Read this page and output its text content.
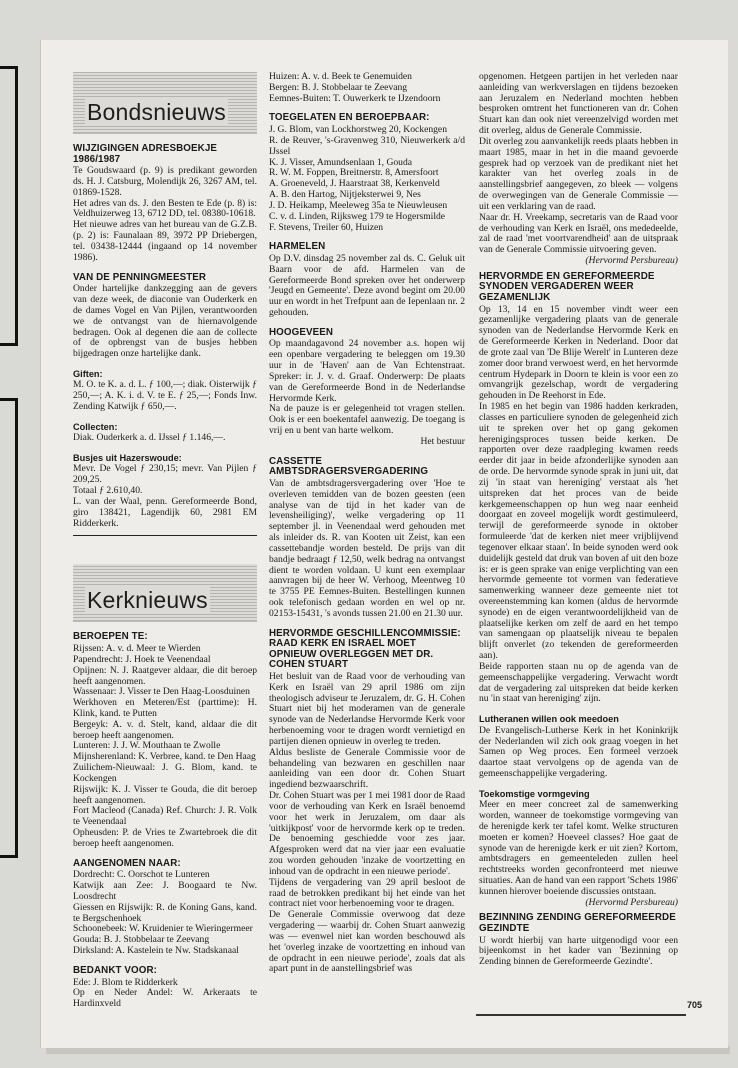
Bondsnieuws
WIJZIGINGEN ADRESBOEKJE 1986/1987

Te Goudswaard (p. 9) is predikant geworden ds. H. J. Catsburg, Molendijk 26, 3267 AM, tel. 01869-1528.

Het adres van ds. J. den Besten te Ede (p. 8) is: Veldhuizerweg 13, 6712 DD, tel. 08380-10618.

Het nieuwe adres van het bureau van de G.Z.B. (p. 2) is: Faunalaan 89, 3972 PP Driebergen, tel. 03438-12444 (ingaand op 14 november 1986).

VAN DE PENNINGMEESTER

Onder hartelijke dankzegging aan de gevers van deze week, de diaconie van Ouderkerk en de dames Vogel en Van Pijlen, verantwoorden we de ontvangst van de hiernavolgende bedragen. Ook al degenen die aan de collecte of de opbrengst van de busjes hebben bijgedragen onze hartelijke dank.

Giften:

M. O. te K. a. d. L. ƒ 100,—; diak. Oisterwijk ƒ 250,—; A. K. i. d. V. te E. ƒ 25,—; Fonds Inw. Zending Katwijk ƒ 650,—.

Collecten:

Diak. Ouderkerk a. d. IJssel ƒ 1.146,—.

Busjes uit Hazerswoude:

Mevr. De Vogel ƒ 230,15; mevr. Van Pijlen ƒ 209,25.

Totaal ƒ 2.610,40.

L. van der Waal, penn. Gereformeerde Bond, giro 138421, Lagendijk 60, 2981 EM Ridderkerk.

Kerknieuws
BEROEPEN TE:

Rijssen: A. v. d. Meer te Wierden

Papendrecht: J. Hoek te Veenendaal

Opijnen: N. J. Raatgever aldaar, die dit beroep heeft aangenomen.

Wassenaar: J. Visser te Den Haag-Loosduinen

Werkhoven en Meteren/Est (parttime): H. Klink, kand. te Putten

Bergeyk: A. v. d. Stelt, kand, aldaar die dit beroep heeft aangenomen.

Lunteren: J. J. W. Mouthaan te Zwolle

Mijnsherenland: K. Verbree, kand. te Den Haag

Zuilichem-Nieuwaal: J. G. Blom, kand. te Kockengen

Rijswijk: K. J. Visser te Gouda, die dit beroep heeft aangenomen.

Fort Macleod (Canada) Ref. Church: J. R. Volk te Veenendaal

Opheusden: P. de Vries te Zwartebroek die dit beroep heeft aangenomen.

AANGENOMEN NAAR:

Dordrecht: C. Oorschot te Lunteren

Katwijk aan Zee: J. Boogaard te Nw. Loosdrecht

Giessen en Rijswijk: R. de Koning Gans, kand. te Bergschenhoek

Schoonebeek: W. Kruidenier te Wieringermeer

Gouda: B. J. Stobbelaar te Zeevang

Dirksland: A. Kastelein te Nw. Stadskanaal

BEDANKT VOOR:

Ede: J. Blom te Ridderkerk

Op en Neder Andel: W. Arkeraats te Hardinxveld

Huizen: A. v. d. Beek te Genemuiden

Bergen: B. J. Stobbelaar te Zeevang

Eemnes-Buiten: T. Ouwerkerk te IJzendoorn

TOEGELATEN EN BEROEPBAAR:

J. G. Blom, van Lockhorstweg 20, Kockengen

R. de Reuver, 's-Gravenweg 310, Nieuwerkerk a/d IJssel

K. J. Visser, Amundsenlaan 1, Gouda

R. W. M. Foppen, Breitnerstr. 8, Amersfoort

A. Groeneveld, J. Haarstraat 38, Kerkenveld

A. B. den Hartog, Nijtjeksterwei 9, Nes

J. D. Heikamp, Meeleweg 35a te Nieuwleusen

C. v. d. Linden, Rijksweg 179 te Hogersmilde

F. Stevens, Treiler 60, Huizen

HARMELEN

Op D.V. dinsdag 25 november zal ds. C. Geluk uit Baarn voor de afd. Harmelen van de Gereformeerde Bond spreken over het onderwerp 'Jeugd en Gemeente'. Deze avond begint om 20.00 uur en wordt in het Trefpunt aan de Iepenlaan nr. 2 gehouden.

HOOGEVEEN

Op maandagavond 24 november a.s. hopen wij een openbare vergadering te beleggen om 19.30 uur in de 'Haven' aan de Van Echtenstraat. Spreker: ir. J. v. d. Graaf. Onderwerp: De plaats van de Gereformeerde Bond in de Nederlandse Hervormde Kerk.

Na de pauze is er gelegenheid tot vragen stellen. Ook is er een boekentafel aanwezig. De toegang is vrij en u bent van harte welkom.

Het bestuur

CASSETTE AMBTSDRAGERSVERGADERING

Van de ambtsdragersvergadering over 'Hoe te overleven temidden van de bozen geesten (een analyse van de tijd in het kader van de levensheiliging)', welke vergadering op 11 september jl. in Veenendaal werd gehouden met als inleider ds. R. van Kooten uit Zeist, kan een cassettebandje worden besteld. De prijs van dit bandje bedraagt ƒ 12,50, welk bedrag na ontvangst dient te worden voldaan. U kunt een exemplaar aanvragen bij de heer W. Verhoog, Meentweg 10 te 3755 PE Eemnes-Buiten. Bestellingen kunnen ook telefonisch gedaan worden en wel op nr. 02153-15431, 's avonds tussen 21.00 en 21.30 uur.

HERVORMDE GESCHILLENCOMMISSIE: RAAD KERK EN ISRAEL MOET OPNIEUW OVERLEGGEN MET DR. COHEN STUART

Het besluit van de Raad voor de verhouding van Kerk en Israël van 29 april 1986 om zijn theologisch adviseur te Jeruzalem, dr. G. H. Cohen Stuart niet bij het moderamen van de generale synode van de Nederlandse Hervormde Kerk voor herbenoeming voor te dragen wordt vernietigd en partijen dienen opnieuw in overleg te treden.

Aldus besliste de Generale Commissie voor de behandeling van bezwaren en geschillen naar aanleiding van een door dr. Cohen Stuart ingediend bezwaarschrift.

Dr. Cohen Stuart was per 1 mei 1981 door de Raad voor de verhouding van Kerk en Israël benoemd voor het werk in Jeruzalem, om daar als 'uitkijkpost' voor de hervormde kerk op te treden. De benoeming geschiedde voor zes jaar. Afgesproken werd dat na vier jaar een evaluatie zou worden gehouden 'inzake de voortzetting en inhoud van de opdracht in een nieuwe periode'.

Tijdens de vergadering van 29 april besloot de raad de betrokken predikant bij het einde van het contract niet voor herbenoeming voor te dragen.

De Generale Commissie overwoog dat deze vergadering — waarbij dr. Cohen Stuart aanwezig was — evenwel niet kan worden beschouwd als het 'overleg inzake de voortzetting en inhoud van de opdracht in een nieuwe periode', zoals dat als apart punt in de aanstellingsbrief was

opgenomen. Hetgeen partijen in het verleden naar aanleiding van werkverslagen en tijdens bezoeken aan Jeruzalem en Nederland mochten hebben besproken omtrent het functioneren van dr. Cohen Stuart kan dan ook niet vereenzelvigd worden met dit overleg, aldus de Generale Commissie.

Dit overleg zou aanvankelijk reeds plaats hebben in maart 1985, maar in het in die maand gevoerde gesprek had op verzoek van de predikant niet het karakter van het overleg zoals in de aanstellingsbrief aangegeven, zo bleek — volgens de overwegingen van de Generale Commissie — uit een verklaring van de raad.

Naar dr. H. Vreekamp, secretaris van de Raad voor de verhouding van Kerk en Israël, ons mededeelde, zal de raad 'met voortvarendheid' aan de uitspraak van de Generale Commissie uitvoering geven.

(Hervormd Persbureau)

HERVORMDE EN GEREFORMEERDE SYNODEN VERGADEREN WEER GEZAMENLIJK

Op 13, 14 en 15 november vindt weer een gezamenlijke vergadering plaats van de generale synoden van de Nederlandse Hervormde Kerk en de Gereformeerde Kerken in Nederland. Door dat de grote zaal van 'De Blije Werelt' in Lunteren deze zomer door brand verwoest werd, en het hervormde centrum Hydepark in Doorn te klein is voor een zo omvangrijk gezelschap, wordt de vergadering gehouden in De Reehorst in Ede.

In 1985 en het begin van 1986 hadden kerkraden, classes en particuliere synoden de gelegenheid zich uit te spreken over het op gang gekomen herenigingsproces tussen beide kerken. De rapporten over deze raadpleging kwamen reeds eerder dit jaar in beide afzonderlijke synoden aan de orde. De hervormde synode sprak in juni uit, dat zij 'in staat van hereniging' verstaat als 'het uitspreken dat het proces van de beide kerkgemeenschappen op hun weg naar eenheid doorgaat en zoveel mogelijk wordt gestimuleerd, terwijl de gereformeerde synode in oktober formuleerde 'dat de kerken niet meer vrijblijvend tegenover elkaar staan'. In beide synoden werd ook duidelijk gesteld dat druk van boven af uit den boze is: er is geen sprake van enige verplichting van een hervormde gemeente tot vormen van federatieve samenwerking wanneer deze gemeente niet tot overeenstemming kan komen (aldus de hervormde synode) en de eigen verantwoordelijkheid van de plaatselijke kerken om zelf de aard en het tempo van samengaan op plaatselijk niveau te bepalen blijft onverlet (zo tekenden de gereformeerden aan).

Beide rapporten staan nu op de agenda van de gemeenschappelijke vergadering. Verwacht wordt dat de vergadering zal uitspreken dat beide kerken nu 'in staat van hereniging' zijn.

Lutheranen willen ook meedoen

De Evangelisch-Lutherse Kerk in het Koninkrijk der Nederlanden wil zich ook graag voegen in het Samen op Weg proces. Een formeel verzoek daartoe staat vervolgens op de agenda van de gemeenschappelijke vergadering.

Toekomstige vormgeving

Meer en meer concreet zal de samenwerking worden, wanneer de toekomstige vormgeving van de herenigde kerk ter tafel komt. Welke structuren moeten er komen? Hoeveel classes? Hoe gaat de synode van de herenigde kerk er uit zien? Kortom, ambtsdragers en gemeenteleden zullen heel rechtstreeks worden geconfronteerd met nieuwe situaties. Aan de hand van een rapport 'Schets 1986' kunnen hierover boeiende discussies ontstaan.

(Hervormd Persbureau)

BEZINNING ZENDING GEREFORMEERDE GEZINDTE

U wordt hierbij van harte uitgenodigd voor een bijeenkomst in het kader van 'Bezinning op Zending binnen de Gereformeerde Gezindte'.

705
